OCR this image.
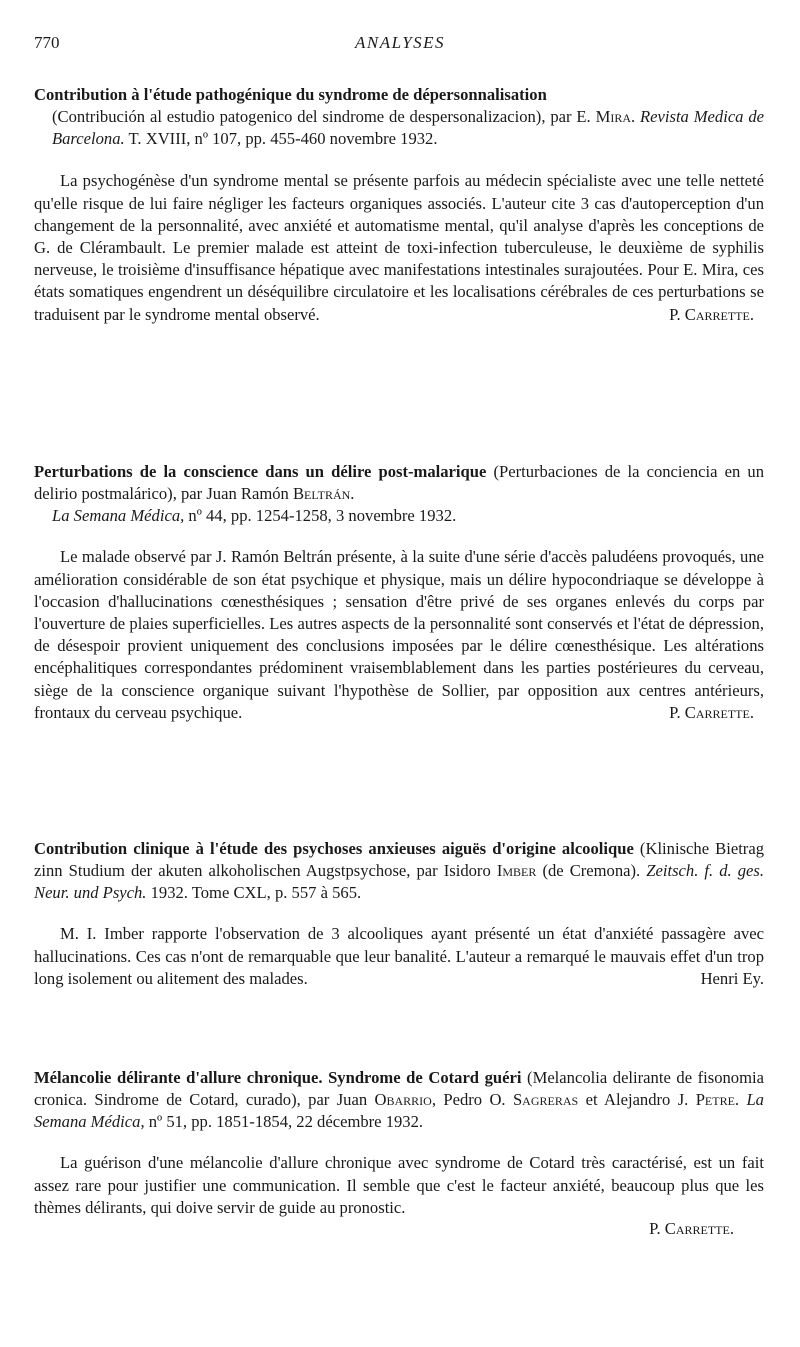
770	ANALYSES

Contribution à l'étude pathogénique du syndrome de dépersonnalisation
(Contribución al estudio patogenico del sindrome de despersonalizacion), par E. Mira. Revista Medica de Barcelona. T. XVIII, nº 107, pp. 455-460 novembre 1932.

La psychogénèse d'un syndrome mental se présente parfois au médecin spécialiste avec une telle netteté qu'elle risque de lui faire négliger les facteurs organiques associés. L'auteur cite 3 cas d'autoperception d'un changement de la personnalité, avec anxiété et automatisme mental, qu'il analyse d'après les conceptions de G. de Clérambault. Le premier malade est atteint de toxi-infection tuberculeuse, le deuxième de syphilis nerveuse, le troisième d'insuffisance hépatique avec manifestations intestinales surajoutées. Pour E. Mira, ces états somatiques engendrent un déséquilibre circulatoire et les localisations cérébrales de ces perturbations se traduisent par le syndrome mental observé.	P. Carrette.

Perturbations de la conscience dans un délire post-malarique (Perturbaciones de la conciencia en un delirio postmalárico), par Juan Ramón Beltrán.
La Semana Médica, nº 44, pp. 1254-1258, 3 novembre 1932.

Le malade observé par J. Ramón Beltrán présente, à la suite d'une série d'accès paludéens provoqués, une amélioration considérable de son état psychique et physique, mais un délire hypocondriaque se développe à l'occasion d'hallucinations cœnesthésiques ; sensation d'être privé de ses organes enlevés du corps par l'ouverture de plaies superficielles. Les autres aspects de la personnalité sont conservés et l'état de dépression, de désespoir provient uniquement des conclusions imposées par le délire cœnesthésique. Les altérations encéphalitiques correspondantes prédominent vraisemblablement dans les parties postérieures du cerveau, siège de la conscience organique suivant l'hypothèse de Sollier, par opposition aux centres antérieurs, frontaux du cerveau psychique.	P. Carrette.

Contribution clinique à l'étude des psychoses anxieuses aiguës d'origine alcoolique (Klinische Bietrag zinn Studium der akuten alkoholischen Augstpsychose, par Isidoro Imber (de Cremona). Zeitsch. f. d. ges. Neur. und Psych. 1932. Tome CXL, p. 557 à 565.

M. I. Imber rapporte l'observation de 3 alcooliques ayant présenté un état d'anxiété passagère avec hallucinations. Ces cas n'ont de remarquable que leur banalité. L'auteur a remarqué le mauvais effet d'un trop long isolement ou alitement des malades.	Henri Ey.

Mélancolie délirante d'allure chronique. Syndrome de Cotard guéri (Melancolia delirante de fisonomia cronica. Sindrome de Cotard, curado), par Juan Obarrio, Pedro O. Sagreras et Alejandro J. Petre. La Semana Médica, nº 51, pp. 1851-1854, 22 décembre 1932.

La guérison d'une mélancolie d'allure chronique avec syndrome de Cotard très caractérisé, est un fait assez rare pour justifier une communication. Il semble que c'est le facteur anxiété, beaucoup plus que les thèmes délirants, qui doive servir de guide au pronostic.

P. Carrette.
